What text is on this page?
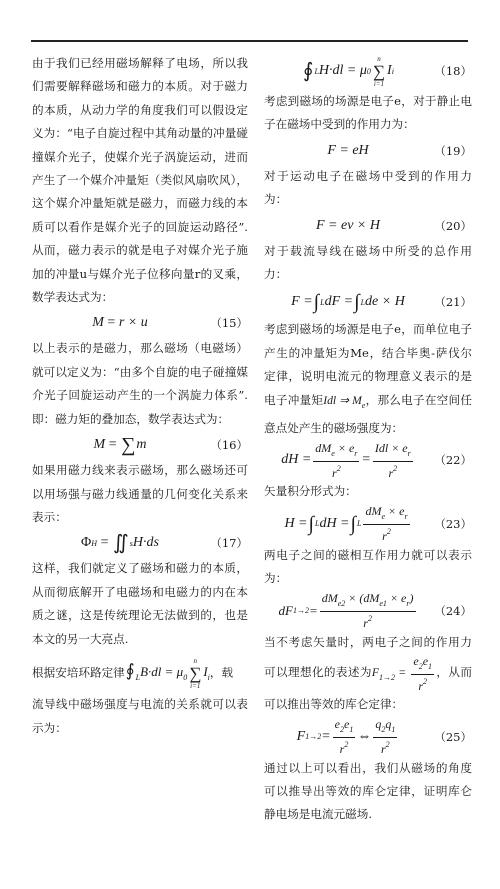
由于我们已经用磁场解释了电场，所以我们需要解释磁场和磁力的本质。对于磁力的本质，从动力学的角度我们可以假设定义为：“电子自旋过程中其角动量的冲量碰撞媒介光子，使媒介光子涡旋运动，进而产生了一个媒介冲量矩（类似风扇吹风），这个媒介冲量矩就是磁力，而磁力线的本质可以看作是媒介光子的回旋运动路径”.从而，磁力表示的就是电子对媒介光子施加的冲量u与媒介光子位移向量r的叉乘，数学表达式为：

M = r × u	（15）

以上表示的是磁力，那么磁场（电磁场）就可以定义为：“由多个自旋的电子碰撞媒介光子回旋运动产生的一个涡旋力体系”.即：磁力矩的叠加态，数学表达式为：

M = ∑ m	（16）

如果用磁力线来表示磁场，那么磁场还可以用场强与磁力线通量的几何变化关系来表示：

Φ H = ∬ s H·ds	（17）

这样，我们就定义了磁场和磁力的本质，从而彻底解开了电磁场和电磁力的内在本质之谜，这是传统理论无法做到的，也是本文的另一大亮点.

根据安培环路定律$∮_LB\cdot dl = \mu_0$
n
∑
i=1
$I_i$，载

流导线中磁场强度与电流的关系就可以表示为：

∮ L H·dl = μ 0
n
∑
i=1
I i	（18）

考虑到磁场的场源是电子e，对于静止电子在磁场中受到的作用力为：

F = eH	（19）

对于运动电子在磁场中受到的作用力为：

F = ev × H	（20）

对于载流导线在磁场中所受的总作用力：

F = ∫ L dF = ∫ L de × H	（21）

考虑到磁场的场源是电子e，而单位电子产生的冲量矩为Me，结合毕奥-萨伐尔定律，说明电流元的物理意义表示的是电子冲量矩Idl ⇒ $M_e$，那么电子在空间任意点处产生的磁场强度为：

dH = $\frac{dM_e \times e_r}{r^2} = \frac{Idl \times e_r}{r^2} (22)$

矢量积分形式为：

H = ∫ L dH = ∫ L $\frac{dM_e \times e_r}{r^2} (23)$

两电子之间的磁相互作用力就可以表示为：

dF $1\to 2 = \frac{dM_{e2} \times (dM_{e1} \times e_r)}{r^2} (24)$

当不考虑矢量时，两电子之间的作用力可以理想化的表述为$F_{1\to 2} = \frac{e_2e_1}{r^2}$ ，从而可以推出等效的库仑定律：

F $1\to 2 = \frac{e_2e_1}{r^2}$ ⇔ $\frac{q_2q_1}{r^2}$	（25）

通过以上可以看出，我们从磁场的角度可以推导出等效的库仑定律，证明库仑静电场是电流元磁场.
